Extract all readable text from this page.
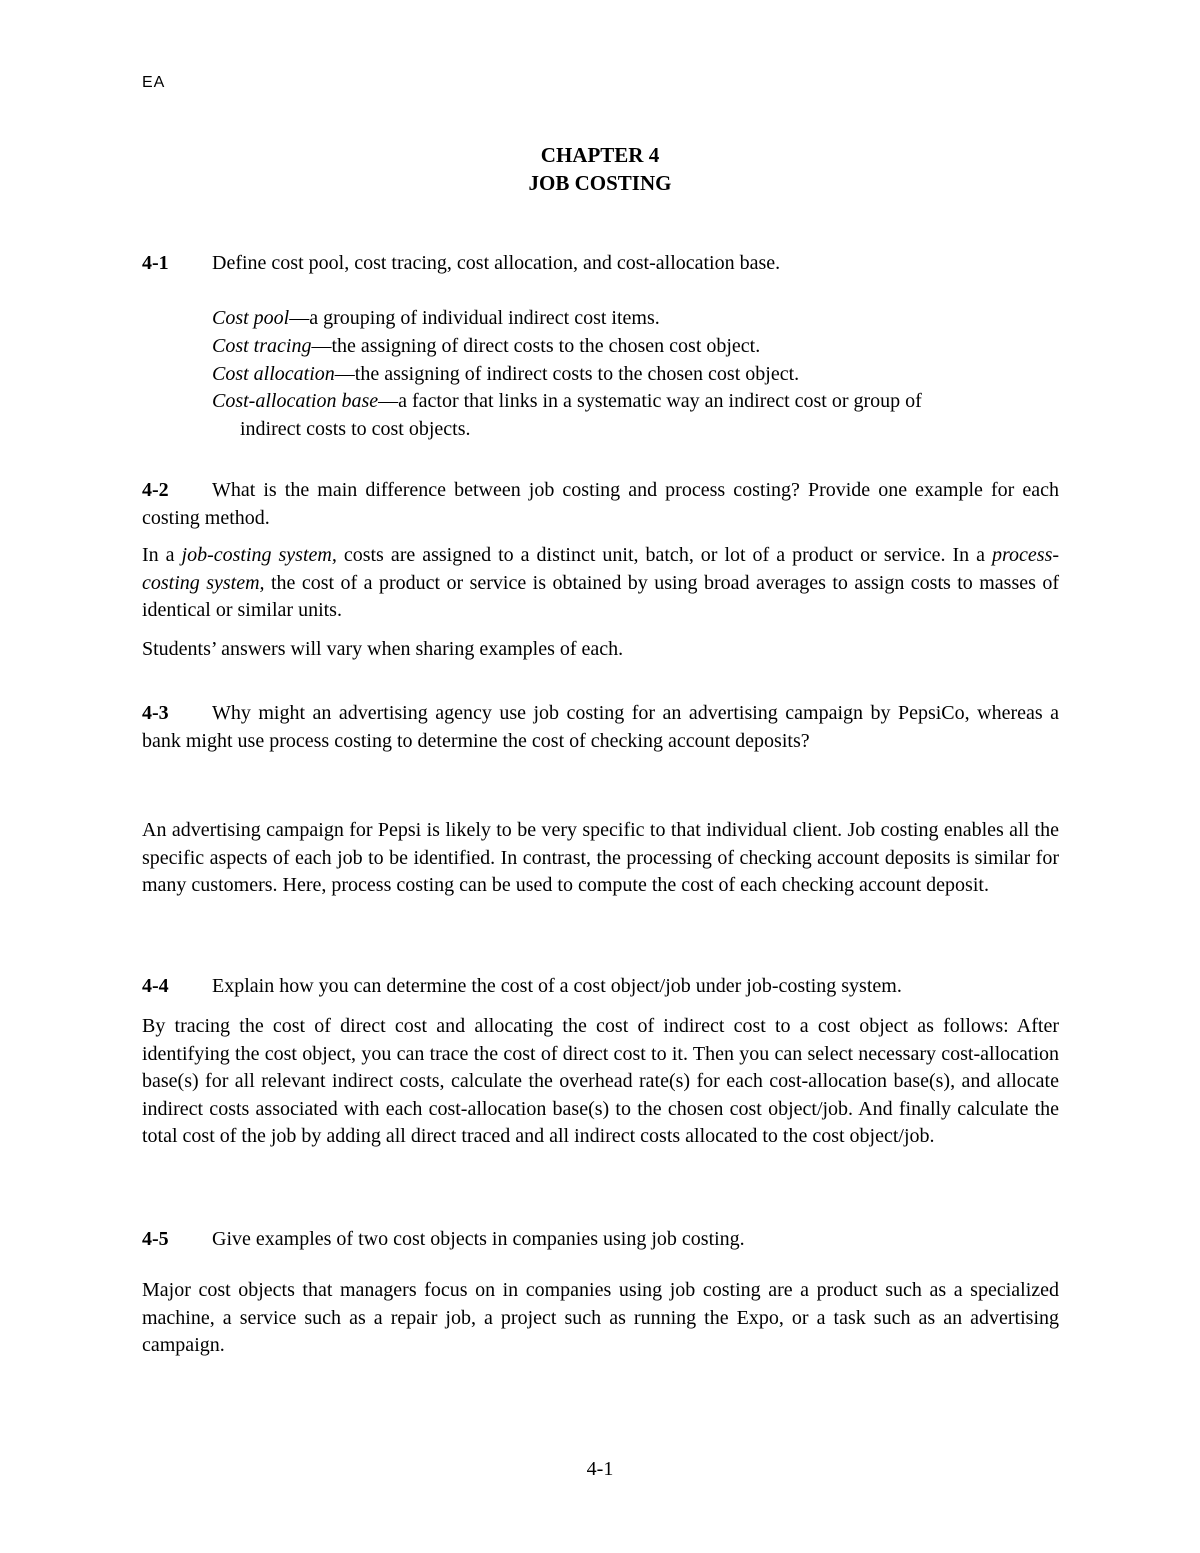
EA
CHAPTER 4
JOB COSTING

4-1 Define cost pool, cost tracing, cost allocation, and cost-allocation base.

Cost pool—a grouping of individual indirect cost items.
Cost tracing—the assigning of direct costs to the chosen cost object.
Cost allocation—the assigning of indirect costs to the chosen cost object.
Cost-allocation base—a factor that links in a systematic way an indirect cost or group of
indirect costs to cost objects.

4-2 What is the main difference between job costing and process costing? Provide one example for each costing method.

In a job-costing system, costs are assigned to a distinct unit, batch, or lot of a product or service. In a process-costing system, the cost of a product or service is obtained by using broad averages to assign costs to masses of identical or similar units.

Students’ answers will vary when sharing examples of each.

4-3 Why might an advertising agency use job costing for an advertising campaign by PepsiCo, whereas a bank might use process costing to determine the cost of checking account deposits?

An advertising campaign for Pepsi is likely to be very specific to that individual client. Job costing enables all the specific aspects of each job to be identified. In contrast, the processing of checking account deposits is similar for many customers. Here, process costing can be used to compute the cost of each checking account deposit.

4-4 Explain how you can determine the cost of a cost object/job under job-costing system.

By tracing the cost of direct cost and allocating the cost of indirect cost to a cost object as follows: After identifying the cost object, you can trace the cost of direct cost to it. Then you can select necessary cost-allocation base(s) for all relevant indirect costs, calculate the overhead rate(s) for each cost-allocation base(s), and allocate indirect costs associated with each cost-allocation base(s) to the chosen cost object/job. And finally calculate the total cost of the job by adding all direct traced and all indirect costs allocated to the cost object/job.

4-5 Give examples of two cost objects in companies using job costing.

Major cost objects that managers focus on in companies using job costing are a product such as a specialized machine, a service such as a repair job, a project such as running the Expo, or a task such as an advertising campaign.

4-1
